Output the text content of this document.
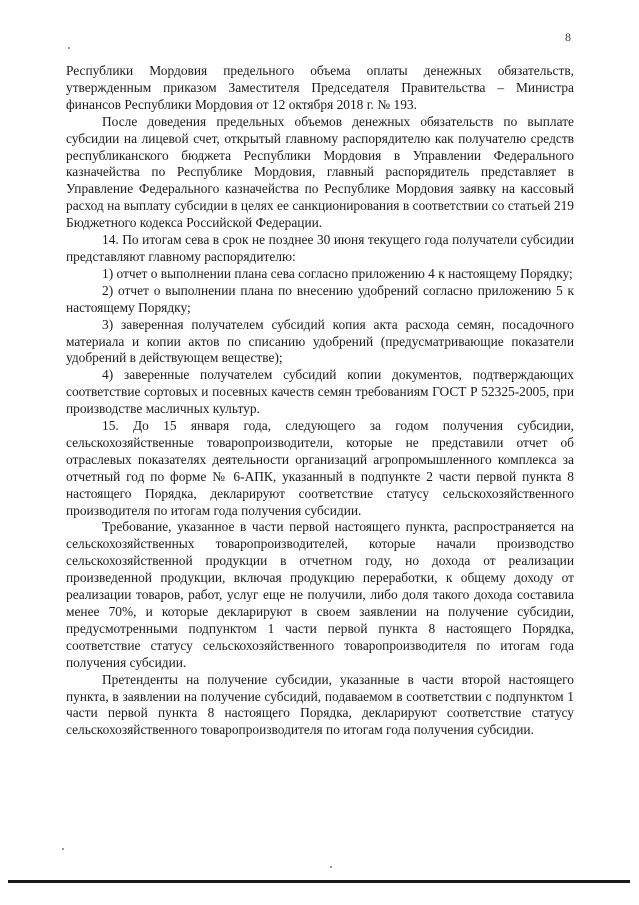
8

Республики Мордовия предельного объема оплаты денежных обязательств, утвержденным приказом Заместителя Председателя Правительства – Министра финансов Республики Мордовия от 12 октября 2018 г. № 193.

После доведения предельных объемов денежных обязательств по выплате субсидии на лицевой счет, открытый главному распорядителю как получателю средств республиканского бюджета Республики Мордовия в Управлении Федерального казначейства по Республике Мордовия, главный распорядитель представляет в Управление Федерального казначейства по Республике Мордовия заявку на кассовый расход на выплату субсидии в целях ее санкционирования в соответствии со статьей 219 Бюджетного кодекса Российской Федерации.

14. По итогам сева в срок не позднее 30 июня текущего года получатели субсидии представляют главному распорядителю:

1) отчет о выполнении плана сева согласно приложению 4 к настоящему Порядку;

2) отчет о выполнении плана по внесению удобрений согласно приложению 5 к настоящему Порядку;

3) заверенная получателем субсидий копия акта расхода семян, посадочного материала и копии актов по списанию удобрений (предусматривающие показатели удобрений в действующем веществе);

4) заверенные получателем субсидий копии документов, подтверждающих соответствие сортовых и посевных качеств семян требованиям ГОСТ Р 52325-2005, при производстве масличных культур.

15. До 15 января года, следующего за годом получения субсидии, сельскохозяйственные товаропроизводители, которые не представили отчет об отраслевых показателях деятельности организаций агропромышленного комплекса за отчетный год по форме № 6-АПК, указанный в подпункте 2 части первой пункта 8 настоящего Порядка, декларируют соответствие статусу сельскохозяйственного производителя по итогам года получения субсидии.

Требование, указанное в части первой настоящего пункта, распространяется на сельскохозяйственных товаропроизводителей, которые начали производство сельскохозяйственной продукции в отчетном году, но дохода от реализации произведенной продукции, включая продукцию переработки, к общему доходу от реализации товаров, работ, услуг еще не получили, либо доля такого дохода составила менее 70%, и которые декларируют в своем заявлении на получение субсидии, предусмотренными подпунктом 1 части первой пункта 8 настоящего Порядка, соответствие статусу сельскохозяйственного товаропроизводителя по итогам года получения субсидии.

Претенденты на получение субсидии, указанные в части второй настоящего пункта, в заявлении на получение субсидий, подаваемом в соответствии с подпунктом 1 части первой пункта 8 настоящего Порядка, декларируют соответствие статусу сельскохозяйственного товаропроизводителя по итогам года получения субсидии.
